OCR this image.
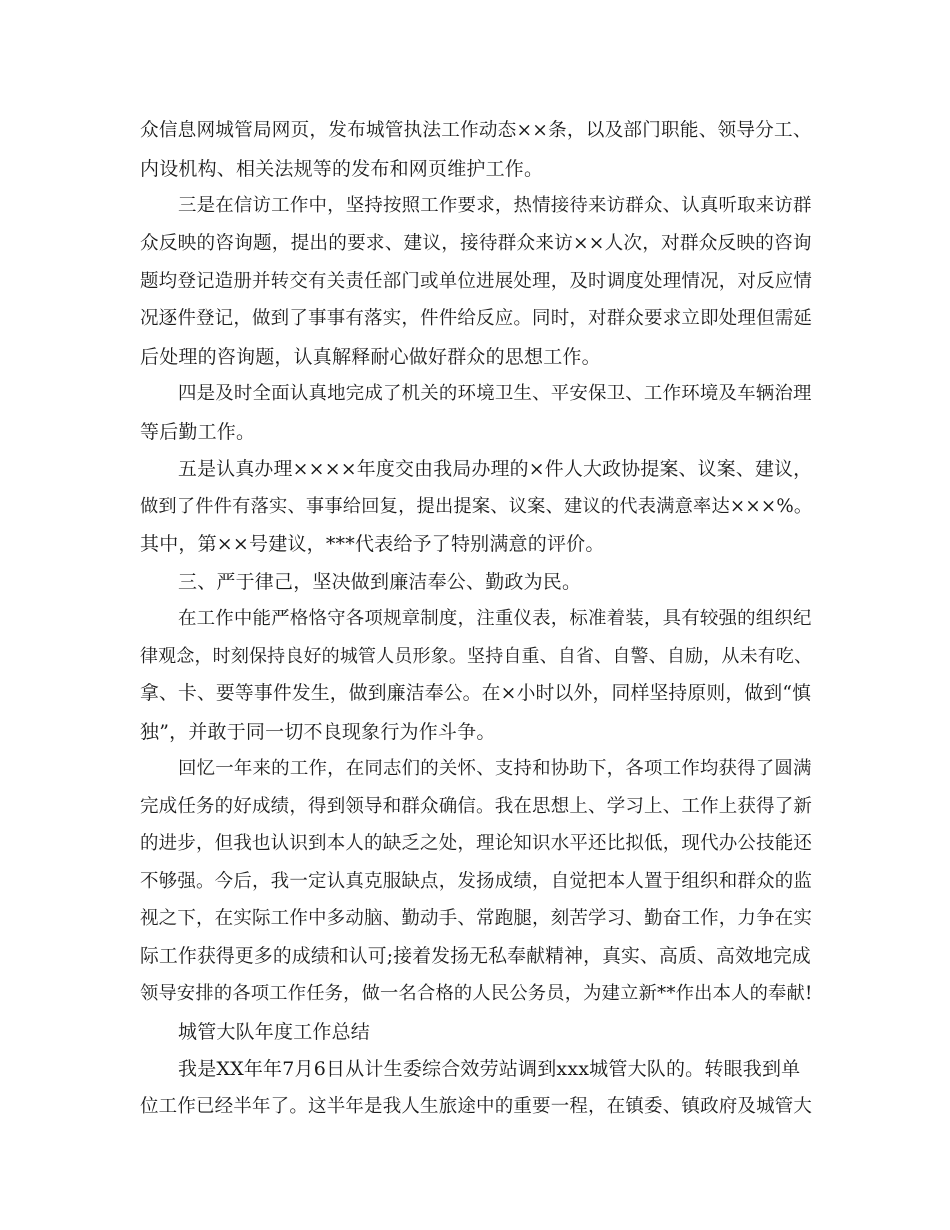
众信息网城管局网页，发布城管执法工作动态××条，以及部门职能、领导分工、
内设机构、相关法规等的发布和网页维护工作。
三是在信访工作中，坚持按照工作要求，热情接待来访群众、认真听取来访群
众反映的咨询题，提出的要求、建议，接待群众来访××人次，对群众反映的咨询
题均登记造册并转交有关责任部门或单位进展处理，及时调度处理情况，对反应情
况逐件登记，做到了事事有落实，件件给反应。同时，对群众要求立即处理但需延
后处理的咨询题，认真解释耐心做好群众的思想工作。
四是及时全面认真地完成了机关的环境卫生、平安保卫、工作环境及车辆治理
等后勤工作。
五是认真办理××××年度交由我局办理的×件人大政协提案、议案、建议，
做到了件件有落实、事事给回复，提出提案、议案、建议的代表满意率达×××%。
其中，第××号建议，***代表给予了特别满意的评价。
三、严于律己，坚决做到廉洁奉公、勤政为民。
在工作中能严格恪守各项规章制度，注重仪表，标准着装，具有较强的组织纪
律观念，时刻保持良好的城管人员形象。坚持自重、自省、自警、自励，从未有吃、
拿、卡、要等事件发生，做到廉洁奉公。在×小时以外，同样坚持原则，做到“慎
独”，并敢于同一切不良现象行为作斗争。
回忆一年来的工作，在同志们的关怀、支持和协助下，各项工作均获得了圆满
完成任务的好成绩，得到领导和群众确信。我在思想上、学习上、工作上获得了新
的进步，但我也认识到本人的缺乏之处，理论知识水平还比拟低，现代办公技能还
不够强。今后，我一定认真克服缺点，发扬成绩，自觉把本人置于组织和群众的监
视之下，在实际工作中多动脑、勤动手、常跑腿，刻苦学习、勤奋工作，力争在实
际工作获得更多的成绩和认可;接着发扬无私奉献精神，真实、高质、高效地完成
领导安排的各项工作任务，做一名合格的人民公务员，为建立新**作出本人的奉献!
城管大队年度工作总结
我是XX年年7月6日从计生委综合效劳站调到xxx城管大队的。转眼我到单
位工作已经半年了。这半年是我人生旅途中的重要一程，在镇委、镇政府及城管大
